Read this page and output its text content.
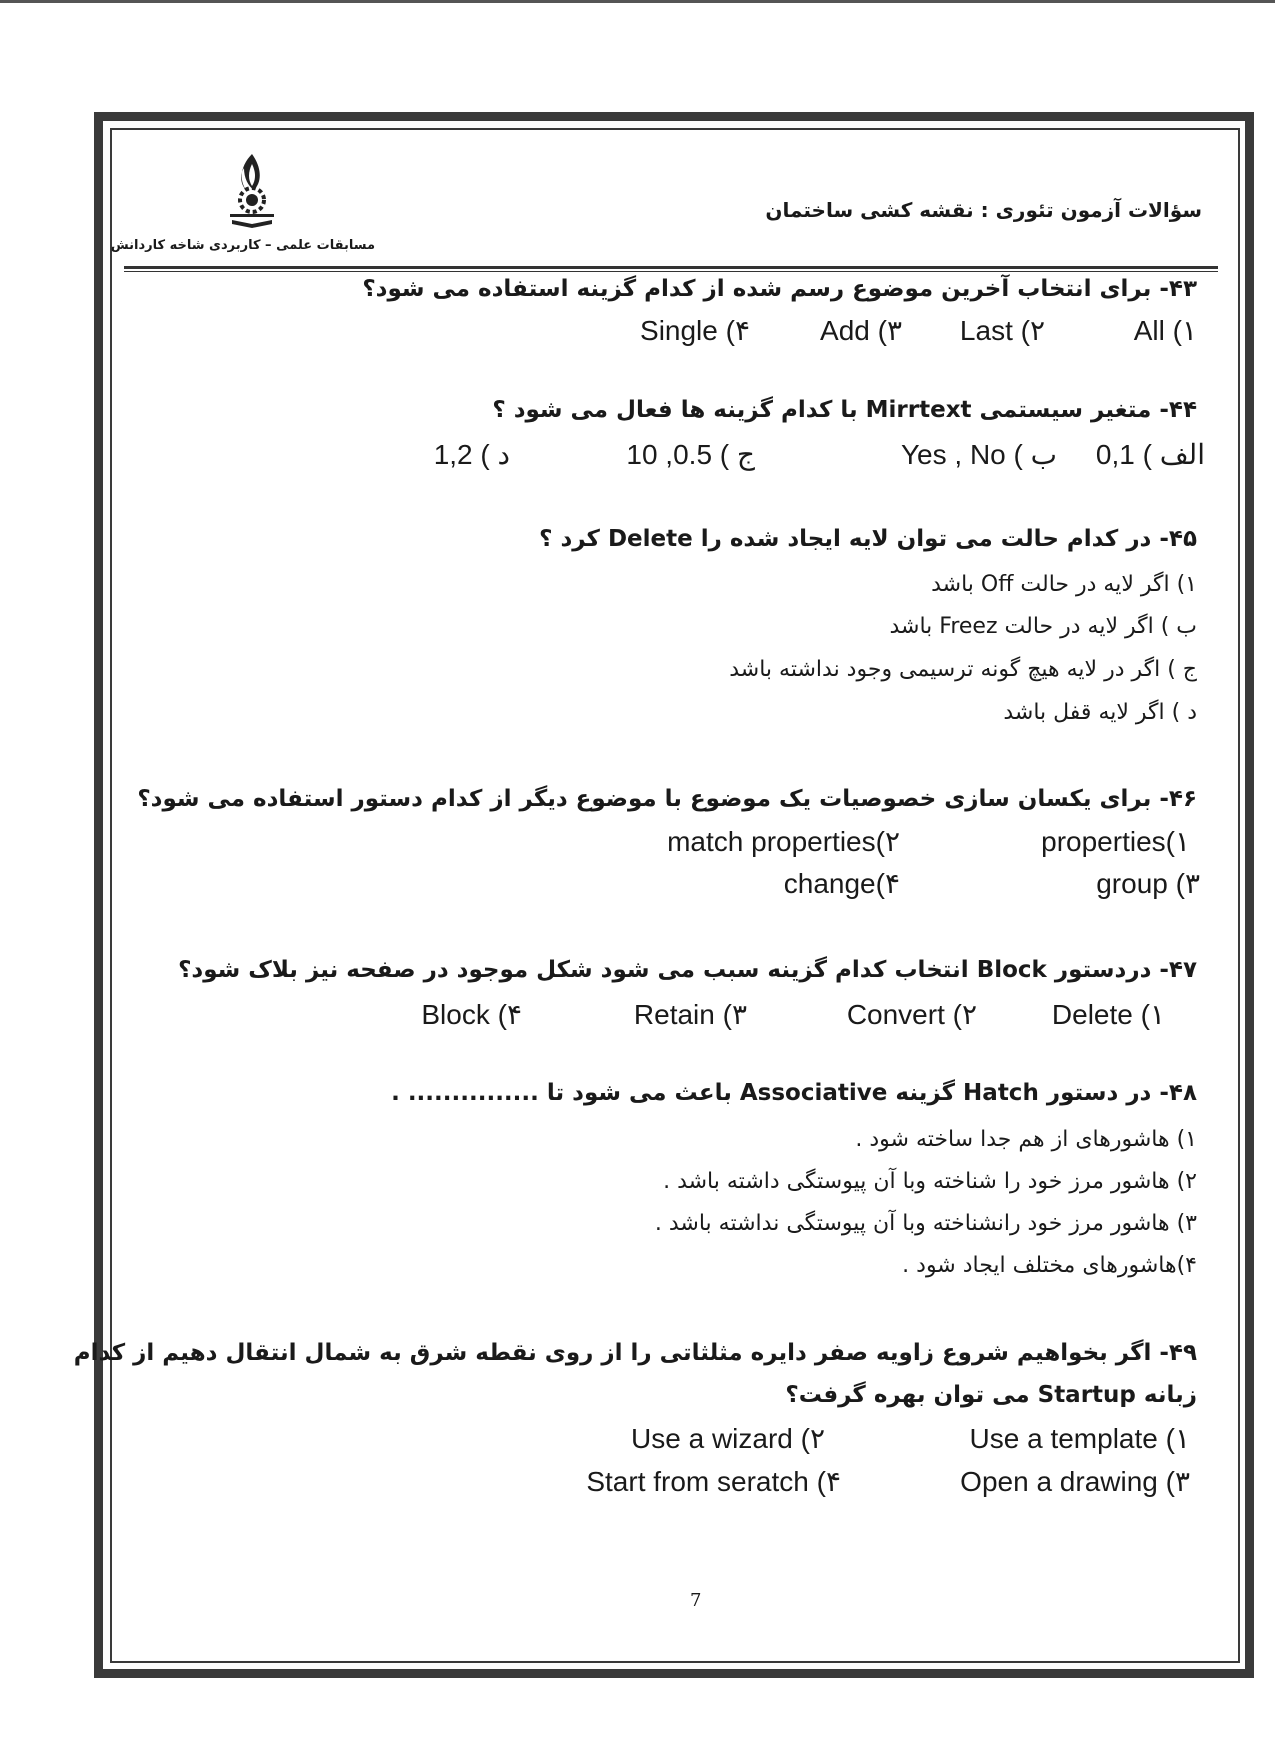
سؤالات آزمون تئوری : نقشه کشی ساختمان
مسابقات علمی – کاربردی شاخه کاردانش
۴۳- برای انتخاب آخرین موضوع رسم شده از کدام گزینه استفاده می شود؟
All (۱
Last (۲
Add (۳
Single (۴
۴۴- متغیر سیستمی Mirrtext با کدام گزینه ها فعال می شود ؟
الف ) 0,1
ب ) Yes , No
ج ) 0.5, 10
د ) 1,2
۴۵- در کدام حالت می توان لایه ایجاد شده را Delete کرد ؟
۱) اگر لایه در حالت Off باشد
ب ) اگر لایه در حالت Freez باشد
ج ) اگر در لایه هیچ گونه ترسیمی وجود نداشته باشد
د ) اگر لایه قفل باشد
۴۶- برای یکسان سازی خصوصیات یک موضوع با موضوع دیگر از کدام دستور استفاده می شود؟
properties(۱
match properties(۲
group (۳
change(۴
۴۷- دردستور Block انتخاب کدام گزینه سبب می شود شکل موجود در صفحه نیز بلاک شود؟
Delete (۱
Convert (۲
Retain (۳
Block (۴
۴۸- در دستور Hatch گزینه Associative باعث می شود تا ............... .
۱) هاشورهای از هم جدا ساخته شود .
۲) هاشور مرز خود را شناخته وبا آن پیوستگی داشته باشد .
۳) هاشور مرز خود رانشناخته وبا آن پیوستگی نداشته باشد .
۴)هاشورهای مختلف ایجاد شود .
۴۹- اگر بخواهیم شروع زاویه صفر دایره مثلثاتی را از روی نقطه شرق به شمال انتقال دهیم از کدام
زبانه Startup می توان بهره گرفت؟
Use a template (۱
Use a wizard (۲
Open a drawing (۳
Start from seratch (۴
7
